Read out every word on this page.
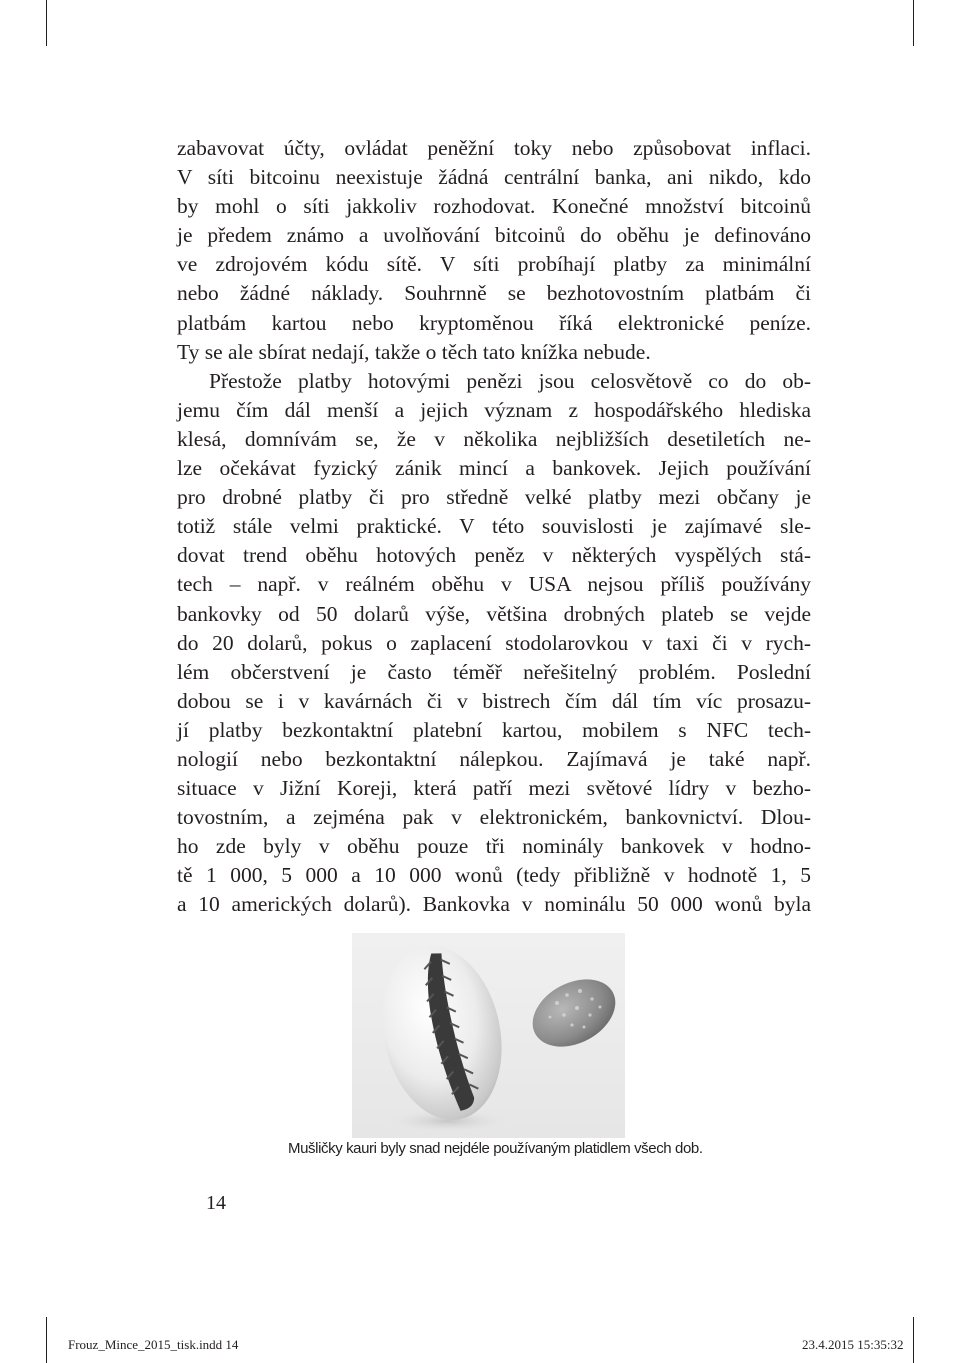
zabavovat účty, ovládat peněžní toky nebo způsobovat inflaci.
V síti bitcoinu neexistuje žádná centrální banka, ani nikdo, kdo
by mohl o síti jakkoliv rozhodovat. Konečné množství bitcoinů
je předem známo a uvolňování bitcoinů do oběhu je definováno
ve zdrojovém kódu sítě. V síti probíhají platby za minimální
nebo žádné náklady. Souhrnně se bezhotovostním platbám či
platbám kartou nebo kryptoměnou říká elektronické peníze.
Ty se ale sbírat nedají, takže o těch tato knížka nebude.
Přestože platby hotovými penězi jsou celosvětově co do ob-
jemu čím dál menší a jejich význam z hospodářského hlediska
klesá, domnívám se, že v několika nejbližších desetiletích ne-
lze očekávat fyzický zánik mincí a bankovek. Jejich používání
pro drobné platby či pro středně velké platby mezi občany je
totiž stále velmi praktické. V této souvislosti je zajímavé sle-
dovat trend oběhu hotových peněz v některých vyspělých stá-
tech – např. v reálném oběhu v USA nejsou příliš používány
bankovky od 50 dolarů výše, většina drobných plateb se vejde
do 20 dolarů, pokus o zaplacení stodolarovkou v taxi či v rych-
lém občerstvení je často téměř neřešitelný problém. Poslední
dobou se i v kavárnách či v bistrech čím dál tím víc prosazu-
jí platby bezkontaktní platební kartou, mobilem s NFC tech-
nologií nebo bezkontaktní nálepkou. Zajímavá je také např.
situace v Jižní Koreji, která patří mezi světové lídry v bezho-
tovostním, a zejména pak v elektronickém, bankovnictví. Dlou-
ho zde byly v oběhu pouze tři nominály bankovek v hodno-
tě 1 000, 5 000 a 10 000 wonů (tedy přibližně v hodnotě 1, 5
a 10 amerických dolarů). Bankovka v nominálu 50 000 wonů byla
Mušličky kauri byly snad nejdéle používaným platidlem všech dob.
14
Frouz_Mince_2015_tisk.indd 14	23.4.2015 15:35:32
